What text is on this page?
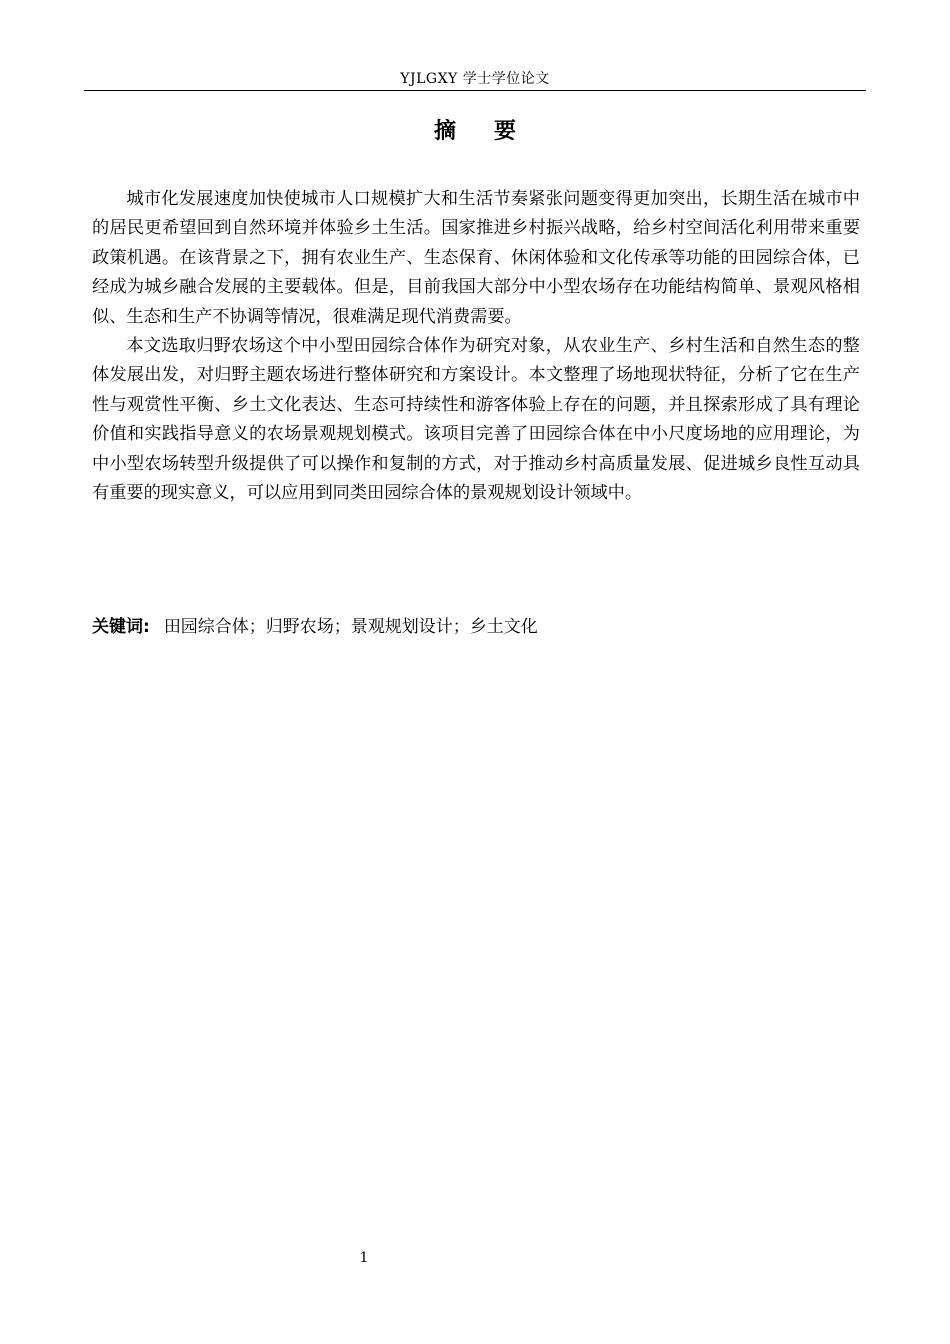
YJLGXY 学士学位论文
摘要

城市化发展速度加快使城市人口规模扩大和生活节奏紧张问题变得更加突出，长期生活在城市中的居民更希望回到自然环境并体验乡土生活。国家推进乡村振兴战略，给乡村空间活化利用带来重要政策机遇。在该背景之下，拥有农业生产、生态保育、休闲体验和文化传承等功能的田园综合体，已经成为城乡融合发展的主要载体。但是，目前我国大部分中小型农场存在功能结构简单、景观风格相似、生态和生产不协调等情况，很难满足现代消费需要。

本文选取归野农场这个中小型田园综合体作为研究对象，从农业生产、乡村生活和自然生态的整体发展出发，对归野主题农场进行整体研究和方案设计。本文整理了场地现状特征，分析了它在生产性与观赏性平衡、乡土文化表达、生态可持续性和游客体验上存在的问题，并且探索形成了具有理论价值和实践指导意义的农场景观规划模式。该项目完善了田园综合体在中小尺度场地的应用理论，为中小型农场转型升级提供了可以操作和复制的方式，对于推动乡村高质量发展、促进城乡良性互动具有重要的现实意义，可以应用到同类田园综合体的景观规划设计领域中。

关键词: 田园综合体；归野农场；景观规划设计；乡土文化
1
